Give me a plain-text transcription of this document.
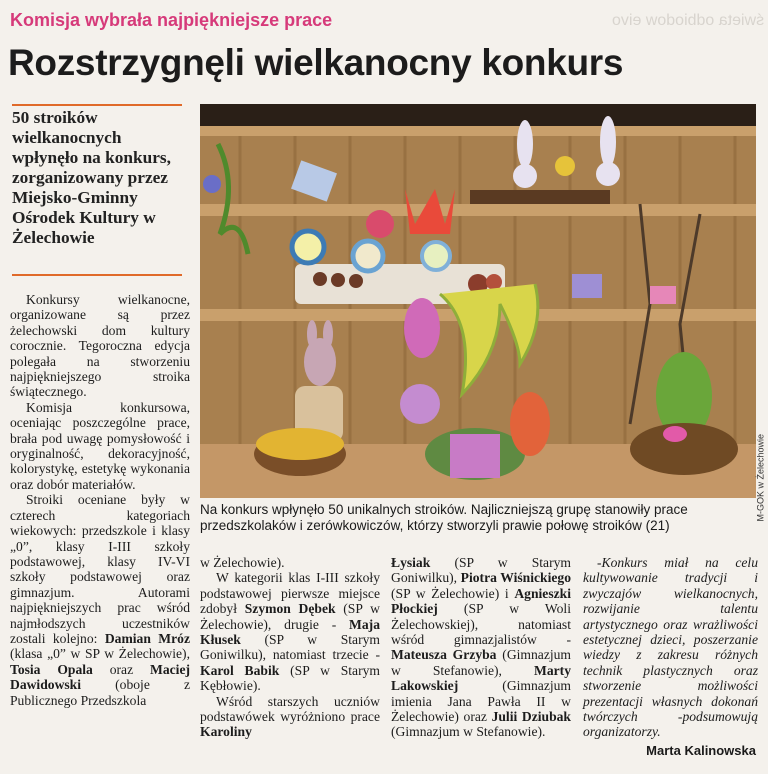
świeta odbiodow eivo
Komisja wybrała najpiękniejsze prace
Rozstrzygnęli wielkanocny konkurs
50 stroików wielkanocnych wpłynęło na konkurs, zorganizowany przez Miejsko-Gminny Ośrodek Kultury w Żelechowie

Konkursy wielkanocne, organizowane są przez żelechowski dom kultury corocznie. Tegoroczna edycja polegała na stworzeniu najpiękniejszego stroika świątecznego.

Komisja konkursowa, oceniając poszczególne prace, brała pod uwagę pomysłowość i oryginalność, dekoracyjność, kolorystykę, estetykę wykonania oraz dobór materiałów.

Stroiki oceniane były w czterech kategoriach wiekowych: przedszkole i klasy „0”, klasy I-III szkoły podstawowej, klasy IV-VI szkoły podstawowej oraz gimnazjum. Autorami najpiękniejszych prac wśród najmłodszych uczestników zostali kolejno: Damian Mróz (klasa „0” w SP w Żelechowie), Tosia Opala oraz Maciej Dawidowski (oboje z Publicznego Przedszkola

M-GOK w Żelechowie
Na konkurs wpłynęło 50 unikalnych stroików. Najliczniejszą grupę stanowiły prace przedszkolaków i zerówkowiczów, którzy stworzyli prawie połowę stroików (21)

w Żelechowie).

W kategorii klas I-III szkoły podstawowej pierwsze miejsce zdobył Szymon Dębek (SP w Żelechowie), drugie - Maja Kłusek (SP w Starym Goniwilku), natomiast trzecie - Karol Babik (SP w Starym Kębłowie).

Wśród starszych uczniów podstawówek wyróżniono prace Karoliny

Łysiak (SP w Starym Goniwilku), Piotra Wiśnickiego (SP w Żelechowie) i Agnieszki Płockiej (SP w Woli Żelechowskiej), natomiast wśród gimnazjalistów - Mateusza Grzyba (Gimnazjum w Stefanowie), Marty Lakowskiej (Gimnazjum imienia Jana Pawła II w Żelechowie) oraz Julii Dziubak (Gimnazjum w Stefanowie).

-Konkurs miał na celu kultywowanie tradycji i zwyczajów wielkanocnych, rozwijanie talentu artystycznego oraz wrażliwości estetycznej dzieci, poszerzanie wiedzy z zakresu różnych technik plastycznych oraz stworzenie możliwości prezentacji własnych dokonań twórczych -podsumowują organizatorzy.

Marta Kalinowska
